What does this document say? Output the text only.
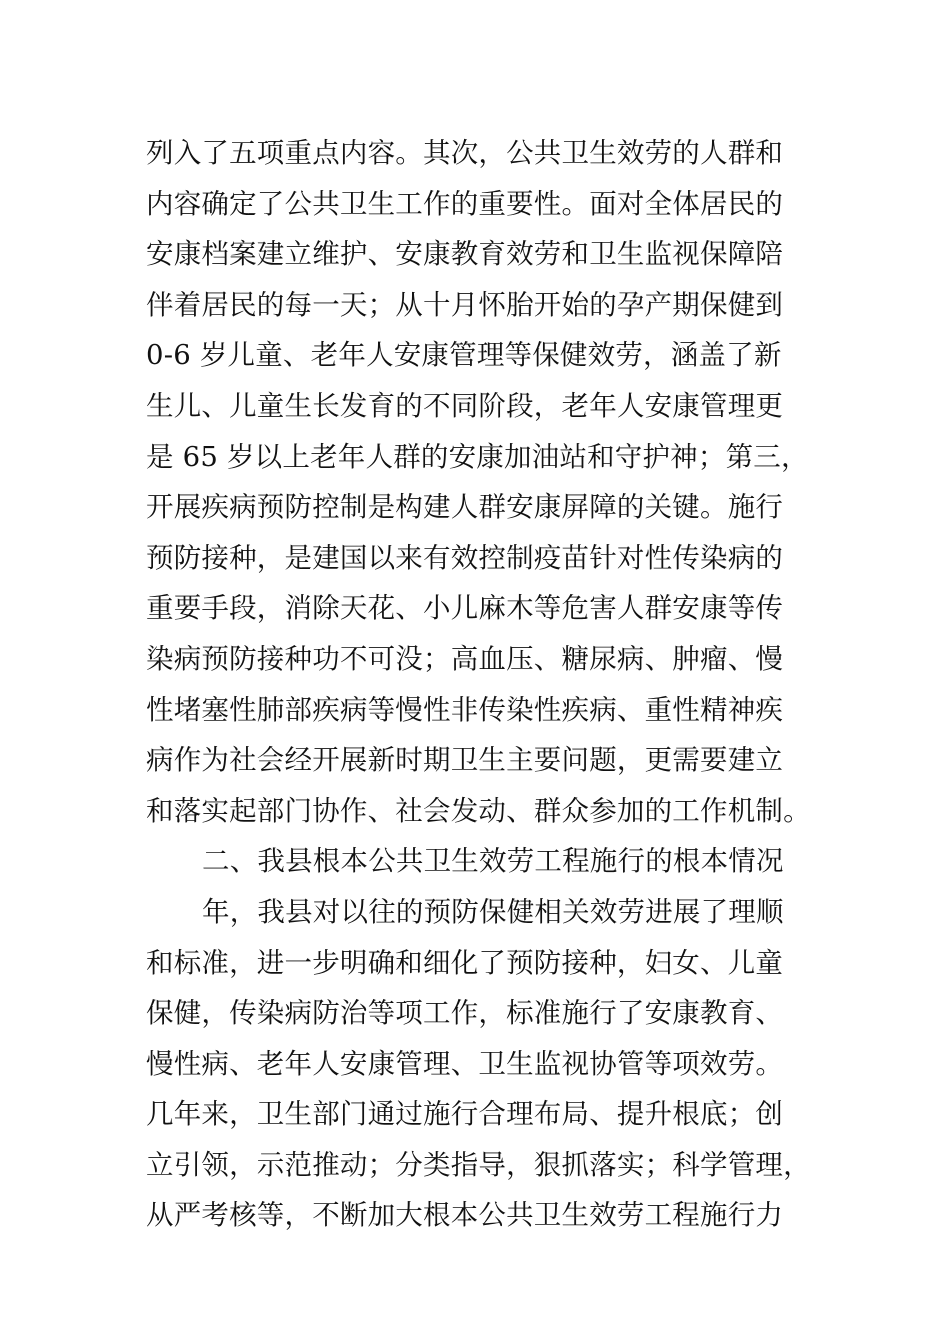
列入了五项重点内容。其次，公共卫生效劳的人群和
内容确定了公共卫生工作的重要性。面对全体居民的
安康档案建立维护、安康教育效劳和卫生监视保障陪
伴着居民的每一天；从十月怀胎开始的孕产期保健到
0-6 岁儿童、老年人安康管理等保健效劳，涵盖了新
生儿、儿童生长发育的不同阶段，老年人安康管理更
是 65 岁以上老年人群的安康加油站和守护神；第三，
开展疾病预防控制是构建人群安康屏障的关键。施行
预防接种，是建国以来有效控制疫苗针对性传染病的
重要手段，消除天花、小儿麻木等危害人群安康等传
染病预防接种功不可没；高血压、糖尿病、肿瘤、慢
性堵塞性肺部疾病等慢性非传染性疾病、重性精神疾
病作为社会经开展新时期卫生主要问题，更需要建立
和落实起部门协作、社会发动、群众参加的工作机制。
二、我县根本公共卫生效劳工程施行的根本情况
年，我县对以往的预防保健相关效劳进展了理顺
和标准，进一步明确和细化了预防接种，妇女、儿童
保健，传染病防治等项工作，标准施行了安康教育、
慢性病、老年人安康管理、卫生监视协管等项效劳。
几年来，卫生部门通过施行合理布局、提升根底；创
立引领，示范推动；分类指导，狠抓落实；科学管理，
从严考核等，不断加大根本公共卫生效劳工程施行力
